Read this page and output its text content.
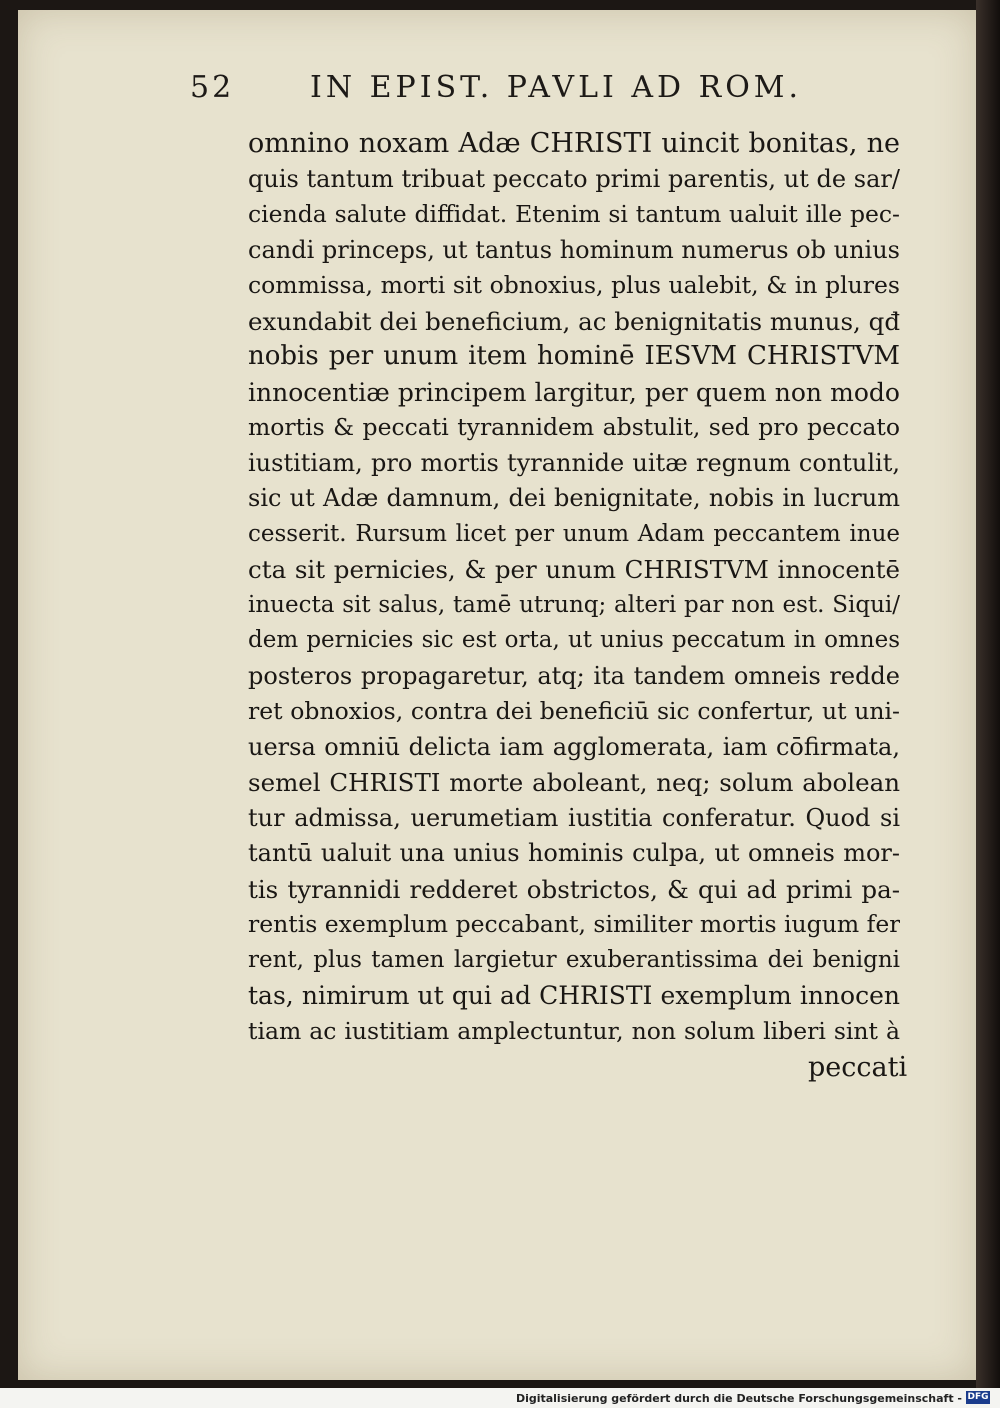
52	IN EPIST. PAVLI AD ROM.
omnino noxam Adæ CHRISTI uincit bonitas, ne
quis tantum tribuat peccato primi parentis, ut de sar/
cienda salute diffidat. Etenim si tantum ualuit ille pec-
candi princeps, ut tantus hominum numerus ob unius
commissa, morti sit obnoxius, plus ualebit, & in plures
exundabit dei beneficium, ac benignitatis munus, qđ
nobis per unum item hominē IESVM CHRISTVM
innocentiæ principem largitur, per quem non modo
mortis & peccati tyrannidem abstulit, sed pro peccato
iustitiam, pro mortis tyrannide uitæ regnum contulit,
sic ut Adæ damnum, dei benignitate, nobis in lucrum
cesserit. Rursum licet per unum Adam peccantem inue
cta sit pernicies, & per unum CHRISTVM innocentē
inuecta sit salus, tamē utrunq; alteri par non est. Siqui/
dem pernicies sic est orta, ut unius peccatum in omnes
posteros propagaretur, atq; ita tandem omneis redde
ret obnoxios, contra dei beneficiū sic confertur, ut uni-
uersa omniū delicta iam agglomerata, iam cōfirmata,
semel CHRISTI morte aboleant, neq; solum abolean
tur admissa, uerumetiam iustitia conferatur. Quod si
tantū ualuit una unius hominis culpa, ut omneis mor-
tis tyrannidi redderet obstrictos, & qui ad primi pa-
rentis exemplum peccabant, similiter mortis iugum fer
rent, plus tamen largietur exuberantissima dei benigni
tas, nimirum ut qui ad CHRISTI exemplum innocen
tiam ac iustitiam amplectuntur, non solum liberi sint à
peccati
Digitalisierung gefördert durch die Deutsche Forschungsgemeinschaft - DFG
